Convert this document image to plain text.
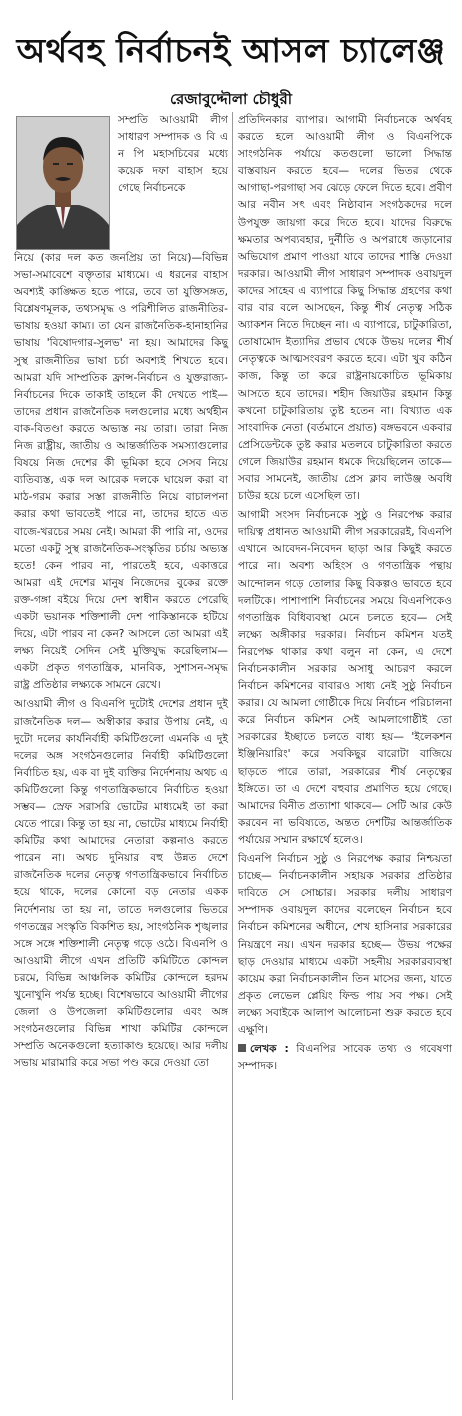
অর্থবহ নির্বাচনই আসল চ্যালেঞ্জ
রেজাবুদ্দৌলা চৌধুরী

সম্প্রতি আওয়ামী লীগ সাধারণ সম্পাদক ও বি এ ন পি মহাসচিবের মধ্যে কয়েক দফা বাহাস হয়ে গেছে নির্বাচনকে

নিয়ে (কার দল কত জনপ্রিয় তা নিয়ে)—বিভিন্ন সভা-সমাবেশে বক্তৃতার মাধ্যমে। এ ধরনের বাহাস অবশ্যই কাঙ্ক্ষিত হতে পারে, তবে তা যুক্তিসঙ্গত, বিশ্লেষণমূলক, তথ্যসমৃদ্ধ ও পরিশীলিত রাজনীতির-ভাষায় হওয়া কাম্য। তা যেন রাজনৈতিক-হানাহানির ভাষায় 'বিষোদগার-সুলভ' না হয়। আমাদের কিছু সুস্থ রাজনীতির ভাষা চর্চা অবশ্যই শিখতে হবে। আমরা যদি সাম্প্রতিক ফ্রান্স-নির্বাচন ও যুক্তরাজ্য-নির্বাচনের দিকে তাকাই তাহলে কী দেখতে পাই—তাদের প্রধান রাজনৈতিক দলগুলোর মধ্যে অর্থহীন বাক-বিতণ্ডা করতে অভ্যস্ত নয় তারা। তারা নিজ নিজ রাষ্ট্রীয়, জাতীয় ও আন্তর্জাতিক সমস্যাগুলোর বিষয়ে নিজ দেশের কী ভূমিকা হবে সেসব নিয়ে ব্যতিব্যস্ত, এক দল আরেক দলকে ঘায়েল করা বা মাঠ-গরম করার সস্তা রাজনীতি নিয়ে বাচালপনা করার কথা ভাবতেই পারে না, তাদের হাতে এত বাজে-খরচের সময় নেই। আমরা কী পারি না, ওদের মতো একটু সুস্থ রাজনৈতিক-সংস্কৃতির চর্চায় অভ্যস্ত হতে! কেন পারব না, পারতেই হবে, একাত্তরে আমরা এই দেশের মানুষ নিজেদের বুকের রক্তে রক্ত-গঙ্গা বইয়ে দিয়ে দেশ স্বাধীন করতে পেরেছি একটা ভয়ানক শক্তিশালী দেশ পাকিস্তানকে হটিয়ে দিয়ে, এটা পারব না কেন? আসলে তো আমরা এই লক্ষ্য নিয়েই সেদিন সেই মুক্তিযুদ্ধ করেছিলাম—একটা প্রকৃত গণতান্ত্রিক, মানবিক, সুশাসন-সমৃদ্ধ রাষ্ট্র প্রতিষ্ঠার লক্ষ্যকে সামনে রেখে।

আওয়ামী লীগ ও বিএনপি দুটোই দেশের প্রধান দুই রাজনৈতিক দল— অস্বীকার করার উপায় নেই, এ দুটো দলের কার্যনির্বাহী কমিটিগুলো এমনকি এ দুই দলের অঙ্গ সংগঠনগুলোর নির্বাহী কমিটিগুলো নির্বাচিত হয়, এক বা দুই ব্যক্তির নির্দেশনায় অথচ এ কমিটিগুলো কিন্তু গণতান্ত্রিকভাবে নির্বাচিত হওয়া সম্ভব— স্রেফ সরাসরি ভোটের মাধ্যমেই তা করা যেতে পারে। কিন্তু তা হয় না, ভোটের মাধ্যমে নির্বাহী কমিটির কথা আমাদের নেতারা কল্পনাও করতে পারেন না। অথচ দুনিয়ার বহু উন্নত দেশে রাজনৈতিক দলের নেতৃত্ব গণতান্ত্রিকভাবে নির্বাচিত হয়ে থাকে, দলের কোনো বড় নেতার একক নির্দেশনায় তা হয় না, তাতে দলগুলোর ভিতরে গণতন্ত্রের সংস্কৃতি বিকশিত হয়, সাংগঠনিক শৃঙ্খলার সঙ্গে সঙ্গে শক্তিশালী নেতৃত্ব গড়ে ওঠে। বিএনপি ও আওয়ামী লীগে এখন প্রতিটি কমিটিতে কোন্দল চরমে, বিভিন্ন আঞ্চলিক কমিটির কোন্দলে হরদম খুনোখুনি পর্যন্ত হচ্ছে। বিশেষভাবে আওয়ামী লীগের জেলা ও উপজেলা কমিটিগুলোর এবং অঙ্গ সংগঠনগুলোর বিভিন্ন শাখা কমিটির কোন্দলে সম্প্রতি অনেকগুলো হত্যাকাণ্ড হয়েছে। আর দলীয় সভায় মারামারি করে সভা পণ্ড করে দেওয়া তো

প্রতিদিনকার ব্যাপার। আগামী নির্বাচনকে অর্থবহ করতে হলে আওয়ামী লীগ ও বিএনপিকে সাংগঠনিক পর্যায়ে কতগুলো ভালো সিদ্ধান্ত বাস্তবায়ন করতে হবে— দলের ভিতর থেকে আগাছা-পরগাছা সব ঝেড়ে ফেলে দিতে হবে। প্রবীণ আর নবীন সৎ এবং নিষ্ঠাবান সংগঠকদের দলে উপযুক্ত জায়গা করে দিতে হবে। যাদের বিরুদ্ধে ক্ষমতার অপব্যবহার, দুর্নীতি ও অপরাধে জড়ানোর অভিযোগ প্রমাণ পাওয়া যাবে তাদের শাস্তি দেওয়া দরকার। আওয়ামী লীগ সাধারণ সম্পাদক ওবায়দুল কাদের সাহেব এ ব্যাপারে কিছু সিদ্ধান্ত গ্রহণের কথা বার বার বলে আসছেন, কিন্তু শীর্ষ নেতৃত্ব সঠিক অ্যাকশন নিতে দিচ্ছেন না। এ ব্যাপারে, চাটুকারিতা, তোষামোদ ইত্যাদির প্রভাব থেকে উভয় দলের শীর্ষ নেতৃত্বকে আত্মসংবরণ করতে হবে। এটা খুব কঠিন কাজ, কিন্তু তা করে রাষ্ট্রনায়কোচিত ভূমিকায় আসতে হবে তাদের। শহীদ জিয়াউর রহমান কিন্তু কখনো চাটুকারিতায় তুষ্ট হতেন না। বিখ্যাত এক সাংবাদিক নেতা (বর্তমানে প্রয়াত) বঙ্গভবনে একবার প্রেসিডেন্টকে তুষ্ট করার মতলবে চাটুকারিতা করতে গেলে জিয়াউর রহমান ধমকে দিয়েছিলেন তাকে— সবার সামনেই, জাতীয় প্রেস ক্লাব লাউঞ্জ অবধি চাউর হয়ে চলে এসেছিল তা।

আগামী সংসদ নির্বাচনকে সুষ্ঠু ও নিরপেক্ষ করার দায়িত্ব প্রধানত আওয়ামী লীগ সরকারেরই, বিএনপি এখানে আবেদন-নিবেদন ছাড়া আর কিছুই করতে পারে না। অবশ্য অহিংস ও গণতান্ত্রিক পন্থায় আন্দোলন গড়ে তোলার কিছু বিকল্পও ভাবতে হবে দলটিকে। পাশাপাশি নির্বাচনের সময়ে বিএনপিকেও গণতান্ত্রিক বিধিব্যবস্থা মেনে চলতে হবে— সেই লক্ষ্যে অঙ্গীকার দরকার। নির্বাচন কমিশন যতই নিরপেক্ষ থাকার কথা বলুন না কেন, এ দেশে নির্বাচনকালীন সরকার অসাধু আচরণ করলে নির্বাচন কমিশনের বাবারও সাধ্য নেই সুষ্ঠু নির্বাচন করার। যে আমলা গোষ্ঠীকে দিয়ে নির্বাচন পরিচালনা করে নির্বাচন কমিশন সেই আমলাগোষ্ঠীই তো সরকারের ইচ্ছাতে চলতে বাধ্য হয়— 'ইলেকশন ইঞ্জিনিয়ারিং' করে সবকিছুর বারোটা বাজিয়ে ছাড়তে পারে তারা, সরকারের শীর্ষ নেতৃত্বের ইঙ্গিতে। তা এ দেশে বহুবার প্রমাণিত হয়ে গেছে। আমাদের বিনীত প্রত্যাশা থাকবে— সেটি আর কেউ করবেন না ভবিষ্যতে, অন্তত দেশটির আন্তর্জাতিক পর্যায়ের সম্মান রক্ষার্থে হলেও।

বিএনপি নির্বাচন সুষ্ঠু ও নিরপেক্ষ করার নিশ্চয়তা চাচ্ছে— নির্বাচনকালীন সহায়ক সরকার প্রতিষ্ঠার দাবিতে সে সোচ্চার। সরকার দলীয় সাধারণ সম্পাদক ওবায়দুল কাদের বলেছেন নির্বাচন হবে নির্বাচন কমিশনের অধীনে, শেখ হাসিনার সরকারের নিয়ন্ত্রণে নয়। এখন দরকার হচ্ছে— উভয় পক্ষের ছাড় দেওয়ার মাধ্যমে একটা সহনীয় সরকারব্যবস্থা কায়েম করা নির্বাচনকালীন তিন মাসের জন্য, যাতে প্রকৃত লেভেল প্লেয়িং ফিল্ড পায় সব পক্ষ। সেই লক্ষ্যে সবাইকে আলাপ আলোচনা শুরু করতে হবে এক্ষুণি।

লেখক : বিএনপির সাবেক তথ্য ও গবেষণা সম্পাদক।
